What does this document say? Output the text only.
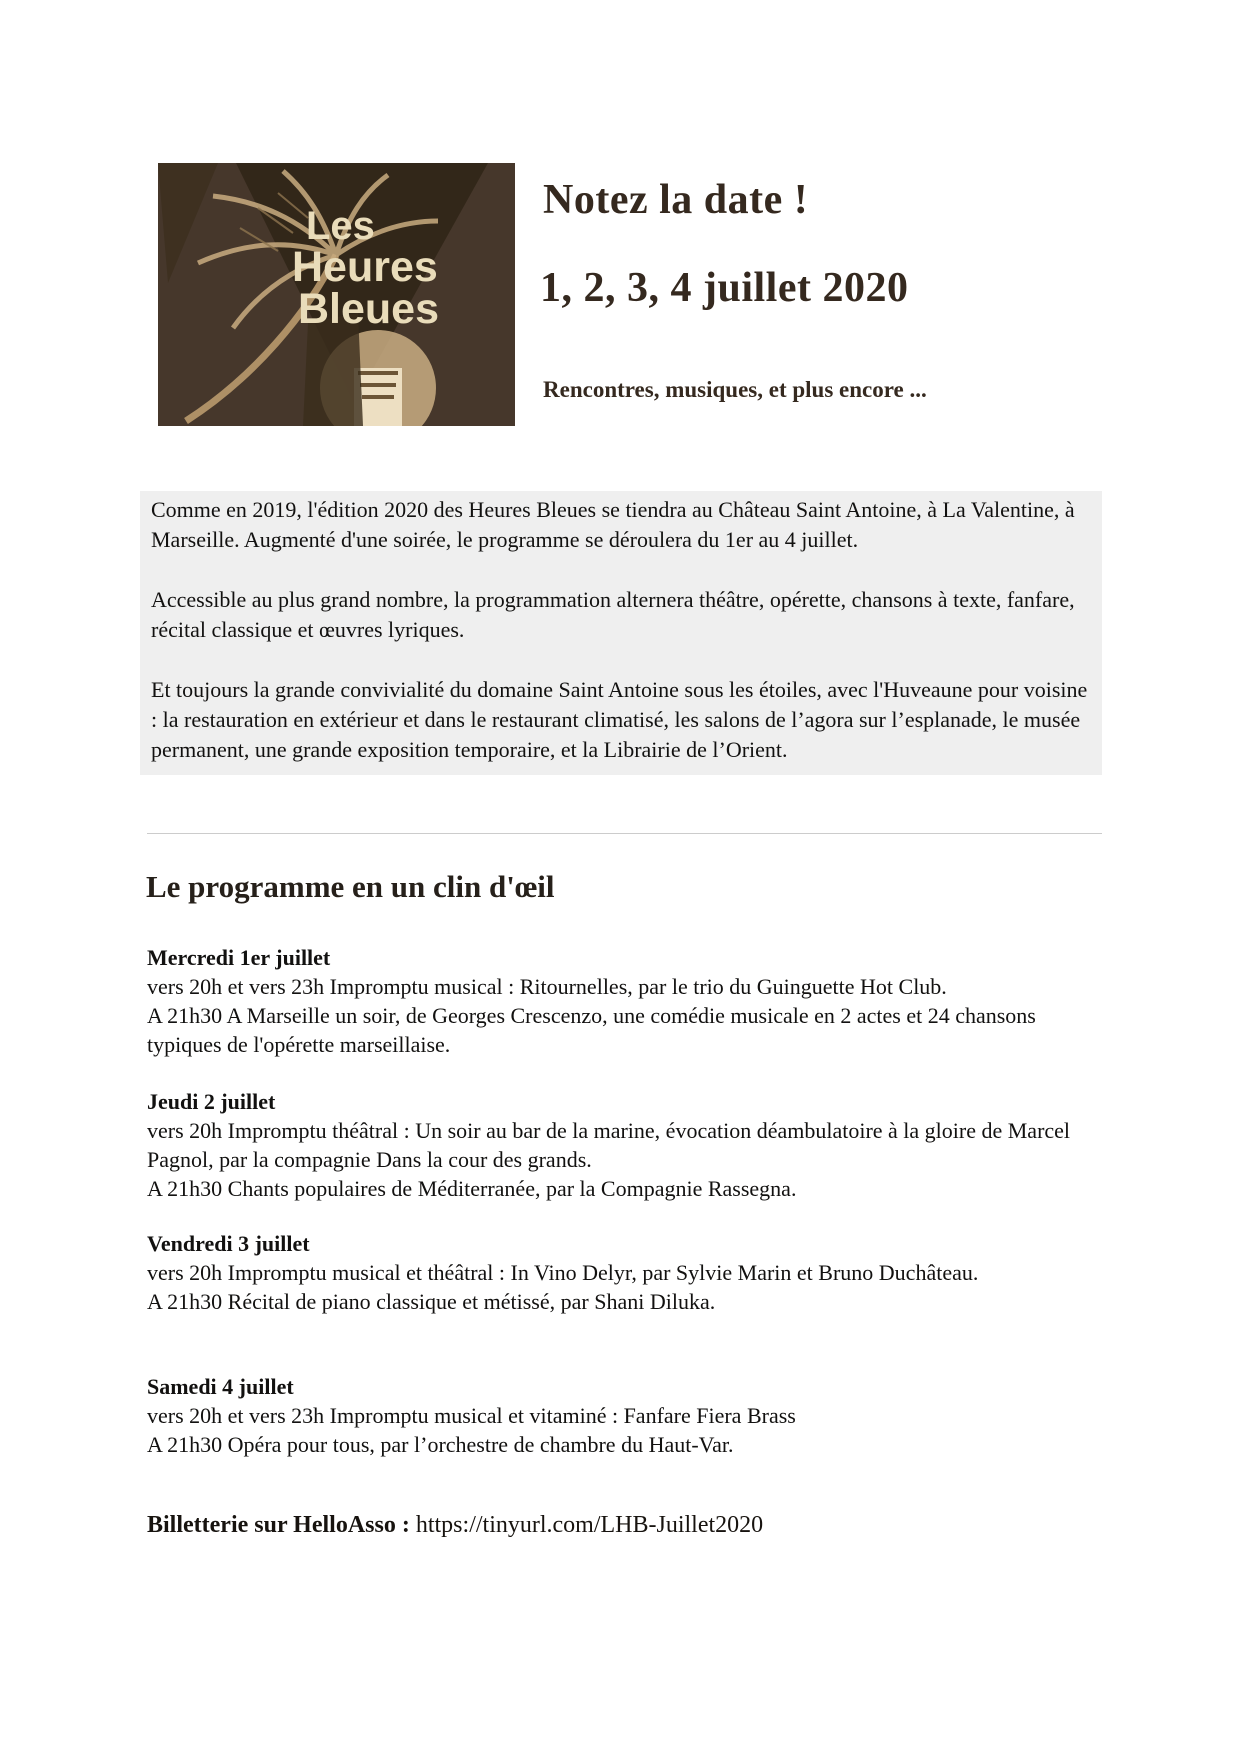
Les
Heures
Bleues
Notez la date !
1, 2, 3, 4 juillet 2020
Rencontres, musiques, et plus encore ...

Comme en 2019, l'édition 2020 des Heures Bleues se tiendra au Château Saint Antoine, à La Valentine, à Marseille. Augmenté d'une soirée, le programme se déroulera du 1er au 4 juillet.

Accessible au plus grand nombre, la programmation alternera théâtre, opérette, chansons à texte, fanfare, récital classique et œuvres lyriques.

Et toujours la grande convivialité du domaine Saint Antoine sous les étoiles, avec l'Huveaune pour voisine : la restauration en extérieur et dans le restaurant climatisé, les salons de l’agora sur l’esplanade, le musée permanent, une grande exposition temporaire, et la Librairie de l’Orient.

Le programme en un clin d'œil
Mercredi 1er juillet
vers 20h et vers 23h Impromptu musical : Ritournelles, par le trio du Guinguette Hot Club.
A 21h30 A Marseille un soir, de Georges Crescenzo, une comédie musicale en 2 actes et 24 chansons typiques de l'opérette marseillaise.
Jeudi 2 juillet
vers 20h Impromptu théâtral : Un soir au bar de la marine, évocation déambulatoire à la gloire de Marcel Pagnol, par la compagnie Dans la cour des grands.
A 21h30 Chants populaires de Méditerranée, par la Compagnie Rassegna.
Vendredi 3 juillet
vers 20h Impromptu musical et théâtral : In Vino Delyr, par Sylvie Marin et Bruno Duchâteau.
A 21h30 Récital de piano classique et métissé, par Shani Diluka.
Samedi 4 juillet
vers 20h et vers 23h Impromptu musical et vitaminé : Fanfare Fiera Brass
A 21h30 Opéra pour tous, par l’orchestre de chambre du Haut-Var.
Billetterie sur HelloAsso : https://tinyurl.com/LHB-Juillet2020
